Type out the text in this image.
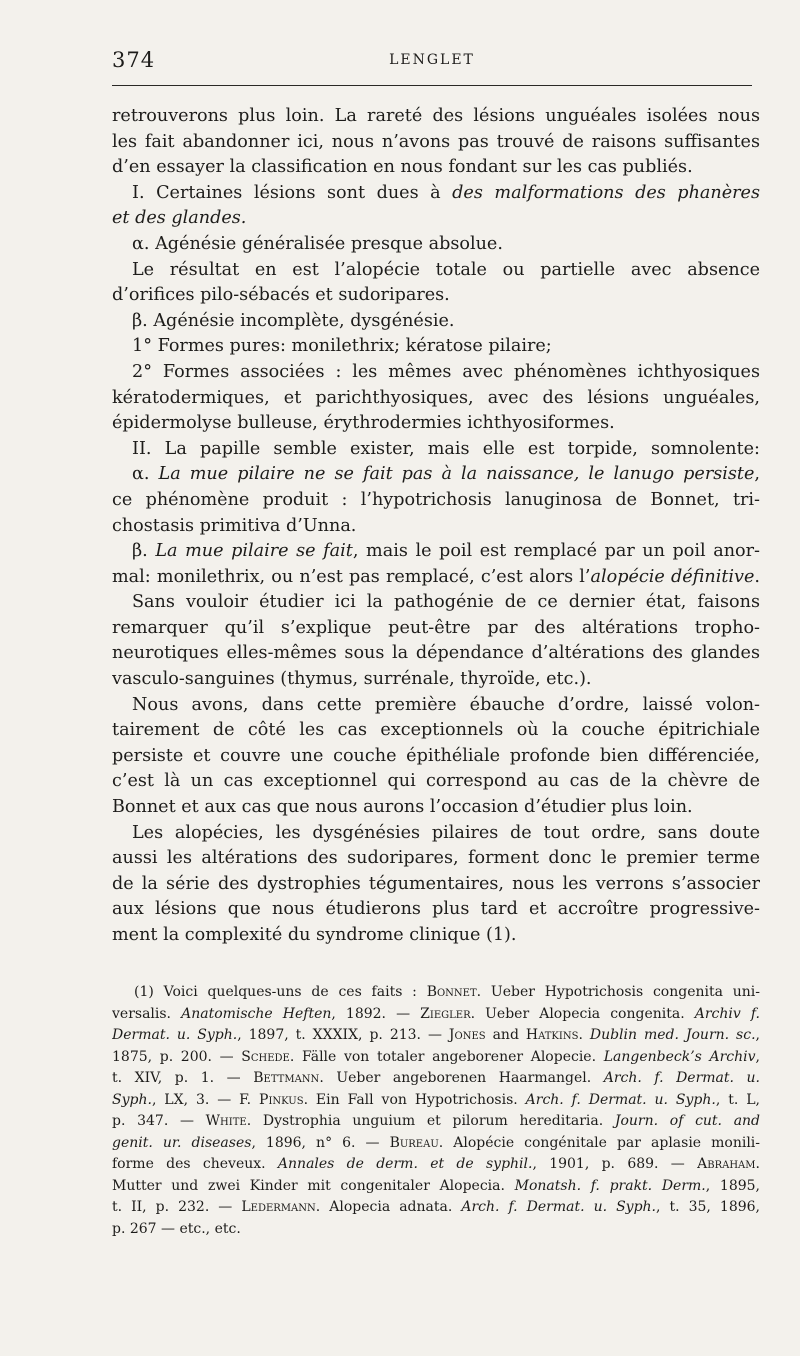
374	LENGLET
retrouverons plus loin. La rareté des lésions unguéales isolées nous
les fait abandonner ici, nous n’avons pas trouvé de raisons suffisantes
d’en essayer la classification en nous fondant sur les cas publiés.
I. Certaines lésions sont dues à des malformations des phanères
et des glandes.
α. Agénésie généralisée presque absolue.
Le résultat en est l’alopécie totale ou partielle avec absence
d’orifices pilo-sébacés et sudoripares.
β. Agénésie incomplète, dysgénésie.
1° Formes pures: monilethrix; kératose pilaire;
2° Formes associées : les mêmes avec phénomènes ichthyosiques
kératodermiques, et parichthyosiques, avec des lésions unguéales,
épidermolyse bulleuse, érythrodermies ichthyosiformes.
II. La papille semble exister, mais elle est torpide, somnolente:
α. La mue pilaire ne se fait pas à la naissance, le lanugo persiste,
ce phénomène produit : l’hypotrichosis lanuginosa de Bonnet, tri-
chostasis primitiva d’Unna.
β. La mue pilaire se fait, mais le poil est remplacé par un poil anor-
mal: monilethrix, ou n’est pas remplacé, c’est alors l’alopécie définitive.
Sans vouloir étudier ici la pathogénie de ce dernier état, faisons
remarquer qu’il s’explique peut-être par des altérations tropho-
neurotiques elles-mêmes sous la dépendance d’altérations des glandes
vasculo-sanguines (thymus, surrénale, thyroïde, etc.).
Nous avons, dans cette première ébauche d’ordre, laissé volon-
tairement de côté les cas exceptionnels où la couche épitrichiale
persiste et couvre une couche épithéliale profonde bien différenciée,
c’est là un cas exceptionnel qui correspond au cas de la chèvre de
Bonnet et aux cas que nous aurons l’occasion d’étudier plus loin.
Les alopécies, les dysgénésies pilaires de tout ordre, sans doute
aussi les altérations des sudoripares, forment donc le premier terme
de la série des dystrophies tégumentaires, nous les verrons s’associer
aux lésions que nous étudierons plus tard et accroître progressive-
ment la complexité du syndrome clinique (1).
(1) Voici quelques-uns de ces faits : Bonnet. Ueber Hypotrichosis congenita uni-
versalis. Anatomische Heften, 1892. — Ziegler. Ueber Alopecia congenita. Archiv f.
Dermat. u. Syph., 1897, t. XXXIX, p. 213. — Jones and Hatkins. Dublin med. Journ. sc.,
1875, p. 200. — Schede. Fälle von totaler angeborener Alopecie. Langenbeck’s Archiv,
t. XIV, p. 1. — Bettmann. Ueber angeborenen Haarmangel. Arch. f. Dermat. u.
Syph., LX, 3. — F. Pinkus. Ein Fall von Hypotrichosis. Arch. f. Dermat. u. Syph., t. L,
p. 347. — White. Dystrophia unguium et pilorum hereditaria. Journ. of cut. and
genit. ur. diseases, 1896, n° 6. — Bureau. Alopécie congénitale par aplasie monili-
forme des cheveux. Annales de derm. et de syphil., 1901, p. 689. — Abraham.
Mutter und zwei Kinder mit congenitaler Alopecia. Monatsh. f. prakt. Derm., 1895,
t. II, p. 232. — Ledermann. Alopecia adnata. Arch. f. Dermat. u. Syph., t. 35, 1896,
p. 267 — etc., etc.
